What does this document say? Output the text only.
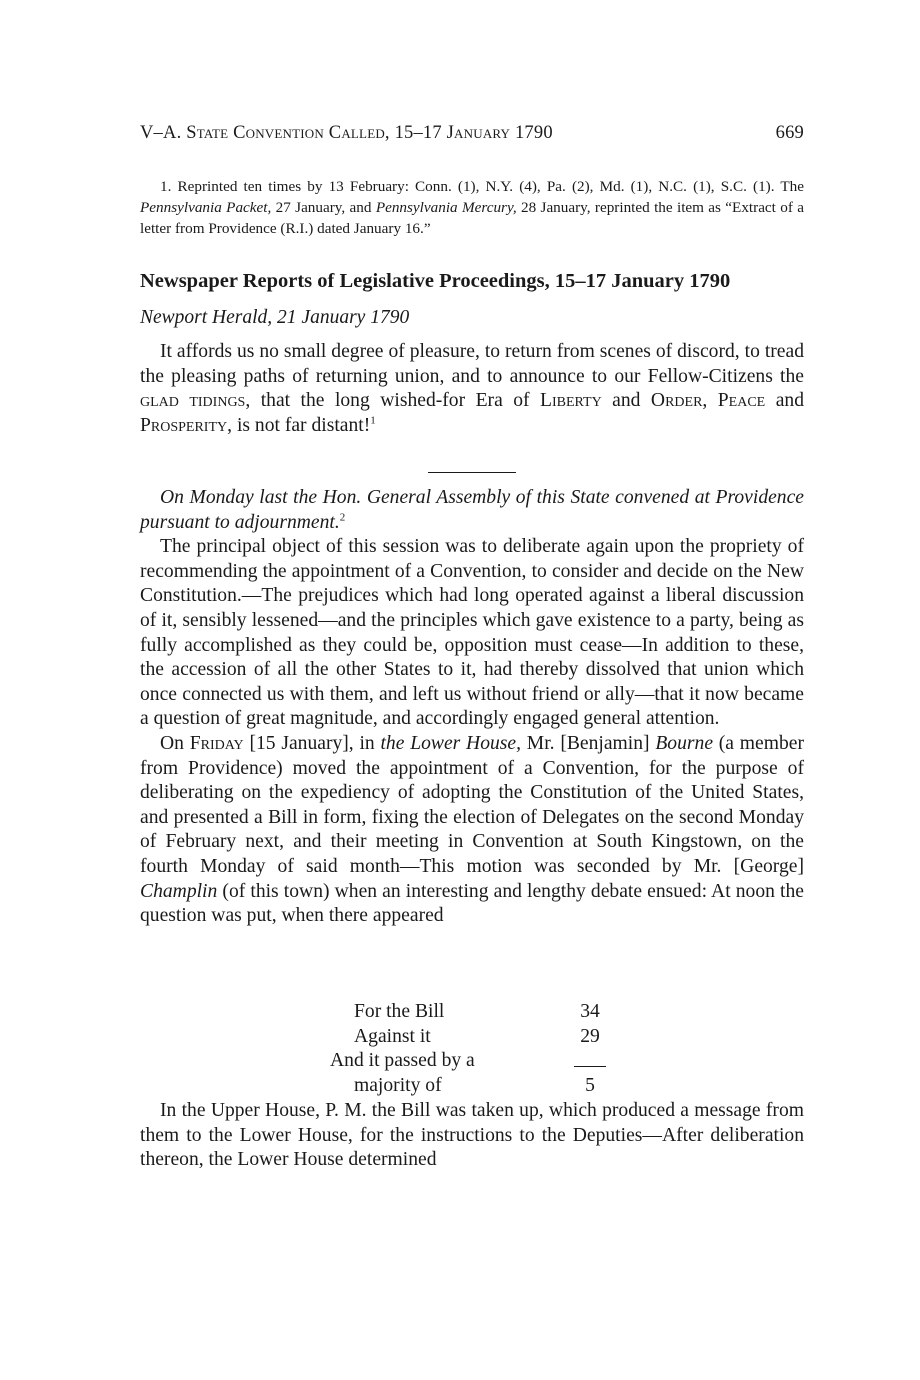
V–A. State Convention Called, 15–17 January 1790	669

1. Reprinted ten times by 13 February: Conn. (1), N.Y. (4), Pa. (2), Md. (1), N.C. (1), S.C. (1). The Pennsylvania Packet, 27 January, and Pennsylvania Mercury, 28 January, reprinted the item as “Extract of a letter from Providence (R.I.) dated January 16.”

Newspaper Reports of Legislative Proceedings, 15–17 January 1790
Newport Herald, 21 January 1790

It affords us no small degree of pleasure, to return from scenes of discord, to tread the pleasing paths of returning union, and to announce to our Fellow-Citizens the glad tidings, that the long wished-for Era of Liberty and Order, Peace and Prosperity, is not far distant!$^1$

On Monday last the Hon. General Assembly of this State convened at Providence pursuant to adjournment.$^2$

The principal object of this session was to deliberate again upon the propriety of recommending the appointment of a Convention, to consider and decide on the New Constitution.—The prejudices which had long operated against a liberal discussion of it, sensibly lessened—and the principles which gave existence to a party, being as fully accomplished as they could be, opposition must cease—In addition to these, the accession of all the other States to it, had thereby dissolved that union which once connected us with them, and left us without friend or ally—that it now became a question of great magnitude, and accordingly engaged general attention.

On Friday [15 January], in the Lower House, Mr. [Benjamin] Bourne (a member from Providence) moved the appointment of a Convention, for the purpose of deliberating on the expediency of adopting the Constitution of the United States, and presented a Bill in form, fixing the election of Delegates on the second Monday of February next, and their meeting in Convention at South Kingstown, on the fourth Monday of said month—This motion was seconded by Mr. [George] Champlin (of this town) when an interesting and lengthy debate ensued: At noon the question was put, when there appeared

For the Bill	34
Against it	29
And it passed by a
majority of	5

In the Upper House, P. M. the Bill was taken up, which produced a message from them to the Lower House, for the instructions to the Deputies—After deliberation thereon, the Lower House determined
